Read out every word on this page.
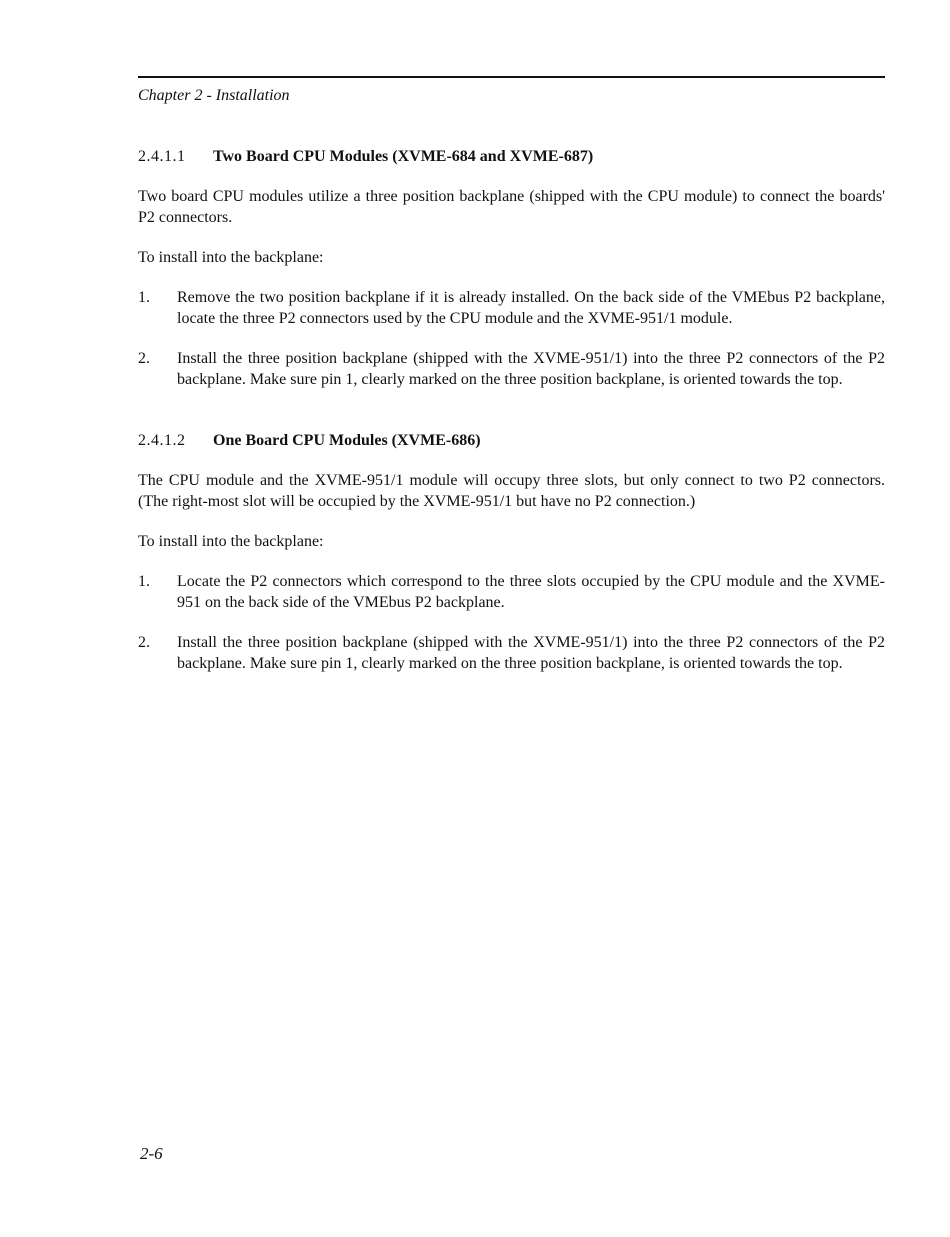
Chapter 2 - Installation
2.4.1.1	Two Board CPU Modules (XVME-684 and XVME-687)

Two board CPU modules utilize a three position backplane (shipped with the CPU module) to connect the boards' P2 connectors.

To install into the backplane:

1.	Remove the two position backplane if it is already installed. On the back side of the VMEbus P2 backplane, locate the three P2 connectors used by the CPU module and the XVME-951/1 module.
2.	Install the three position backplane (shipped with the XVME-951/1) into the three P2 connectors of the P2 backplane. Make sure pin 1, clearly marked on the three position backplane, is oriented towards the top.
2.4.1.2	One Board CPU Modules (XVME-686)

The CPU module and the XVME-951/1 module will occupy three slots, but only connect to two P2 connectors. (The right-most slot will be occupied by the XVME-951/1 but have no P2 connection.)

To install into the backplane:

1.	Locate the P2 connectors which correspond to the three slots occupied by the CPU module and the XVME-951 on the back side of the VMEbus P2 backplane.
2.	Install the three position backplane (shipped with the XVME-951/1) into the three P2 connectors of the P2 backplane. Make sure pin 1, clearly marked on the three position backplane, is oriented towards the top.
2-6
